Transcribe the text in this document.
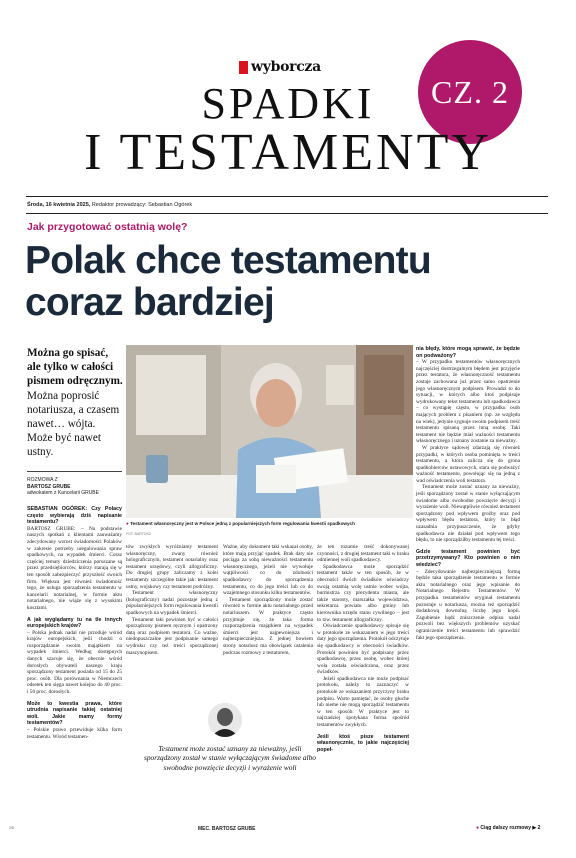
wyborcza
CZ. 2
SPADKI
I TESTAMENTY
Środa, 16 kwietnia 2025, Redaktor prowadzący: Sebastian Ogórek
Jak przygotować ostatnią wolę?
Polak chce testamentu
coraz bardziej
Można go spisać, ale tylko w całości pismem odręcznym. Można poprosić notariusza, a czasem nawet… wójta. Może być nawet ustny.
ROZMOWA Z
BARTOSZ GRUBE
adwokatem z Kancelarii GRUBE
FOT. BARTOSZ
● Testament własnoręczny jest w Polsce jedną z popularniejszych form regulowania kwestii spadkowych

SEBASTIAN OGÓREK: Czy Polacy często wybierają dziś napisanie testamentu?

BARTOSZ GRUBE: – Na podstawie naszych spotkań z klientami zauważamy zdecydowany wzrost świadomości Polaków w zakresie potrzeby uregulowania spraw spadkowych, na wypadek śmierci. Coraz częściej tematy dziedziczenia poruszane są przez przedsiębiorców, którzy starają się w ten sposób zabezpieczyć przyszłość swoich firm. Większa jest również świadomość tego, że usługa sporządzenia testamentu w kancelarii notarialnej, w formie aktu notarialnego, nie wiąże się z wysokimi kosztami.

A jak wyglądamy tu na tle innych europejskich krajów?

– Polska jednak nadal nie przoduje wśród krajów europejskich, jeśli chodzi o rozporządzanie swoim majątkiem na wypadek śmierci. Według dostępnych danych szacuje się, że obecnie wśród dorosłych obywateli naszego kraju sporządzony testament posiada od 15 do 25 proc. osób. Dla porównania w Niemczech odsetek ten sięga nawet kolejno do 40 proc. i 50 proc. dorosłych.

Może to kwestia prawa, które utrudnia napisanie takiej ostatniej woli. Jakie mamy formy testamentów?

– Polskie prawo przewiduje kilka form testamentu. Wśród testamen-

tów zwykłych wyróżniamy testament własnoręczny, zwany również holograficznym, testament notarialny oraz testament urzędowy, czyli allograficzny. Do drugiej grupy zaliczamy z kolei testamenty szczególne takie jak: testament ustny, wojskowy czy testament podróżny.

Testament własnoręczny (holograficzny) nadal pozostaje jedną z popularniejszych form regulowania kwestii spadkowych na wypadek śmierci.

Testament taki powinien być w całości sporządzony pismem ręcznym i opatrzony datą oraz podpisem testatora. Co ważne, niedopuszczalne jest podpisanie samego wydruku czy też treści sporządzonej maszynopisem.

Ważne, aby dokument taki wskazał osoby, które mają przyjąć spadek. Brak daty nie pociąga za sobą nieważności testamentu własnoręcznego, jeżeli nie wywołuje wątpliwości co do zdolności spadkodawcy do sporządzenia testamentu, co do jego treści lub co do wzajemnego stosunku kilku testamentów.

Testament sporządzony może zostać również w formie aktu notarialnego przed notariuszem. W praktyce często przyjmuje się, że taka forma rozporządzenia majątkiem na wypadek śmierci jest najpewniejsza i najbezpieczniejsza. Z jednej bowiem strony notariusz ma obowiązek ustalenia podczas rozmowy z testatorem,

że ten rozumie treść dokonywanej czynności, z drugiej testament taki w braku odmiennej woli spadkodawcy.

Spadkodawca może sporządzić testament także w ten sposób, że w obecności dwóch świadków oświadczy swoją ostatnią wolę ustnie wobec wójta, burmistrza czy prezydenta miasta, ale także starosty, marszałka województwa, sekretarza powiatu albo gminy lub kierownika urzędu stanu cywilnego – jest to tzw. testament allograficzny.

Oświadczenie spadkodawcy spisuje się w protokole ze wskazaniem w jego treści daty jego sporządzenia. Protokół odczytuje się spadkodawcy w obecności świadków. Protokół powinien być podpisany przez spadkodawcę, przez osobę, wobec której wola została oświadczona, oraz przez świadków.

Jeżeli spadkodawca nie może podpisać protokołu, należy to zaznaczyć w protokole ze wskazaniem przyczyny braku podpisu. Warto pamiętać, że osoby głuche lub nieme nie mogą sporządzić testamentu w ten sposób. W praktyce jest to najrzadziej spotykana forma spośród testamentów zwykłych.

Jeśli ktoś pisze testament własnoręcznie, to jakie najczęściej popeł-

nia błędy, które mogą sprawić, że będzie on podważony?

– W przypadku testamentów własnoręcznych najczęściej dostrzegalnym błędem jest przyjęcie przez testatora, że własnoręczność testamentu zostaje zachowana już przez samo opatrzenie jego własnoręcznym podpisem. Prowadzi to do sytuacji, w których albo ktoś podpisuje wydrukowany tekst testamentu lub spadkodawca – co wystąpię często, w przypadku osób mających problem z pisaniem (np. ze względu na wiek), jedynie sygnuje swoim podpisem treść testamentu spisaną przez inną osobę. Taki testament nie będzie miał ważności testamentu własnoręcznego i uznany zostanie za nieważny.

W praktyce sądowej zdarzają się również przypadki, w których osoba pominięta w treści testamentu, a która zalicza się do grona spadkobierców ustawowych, stara się podważyć ważność testamentu, powołując się na jedną z wad oświadczenia woli testatora.

Testament może zostać uznany za nieważny, jeśli sporządzony został w stanie wyłączającym świadome albo swobodne powzięcie decyzji i wyrażenie woli. Niewątpliwie również testament sporządzony pod wpływem groźby oraz pod wpływem błędu testatora, który to błąd uzasadnia przypuszczenie, że gdyby spadkodawca nie działał pod wpływem tego błędu, to nie sporządziłby testamentu tej treści.

Gdzie testament powinien być przetrzymywany? Kto powinien o nim wiedzieć?

– Zdecydowanie najbezpieczniejszą formą będzie taka sporządzenie testamentu w formie aktu notarialnego oraz jego wpisanie do Notarialnego Rejestru Testamentów. W przypadku testamentów oryginał testamentu pozostaje u notariusza, można też sporządzić dodatkową downolną liczbę jego kopii. Zagubienie bądź zniszczenie odpisu nadal pozwoli bez większych problemów uzyskać ograniczenie treści testamentu lub sprawdzić fakt jego sporządzenia.

Testament może zostać uznany za nieważny, jeśli sporządzony został w stanie wyłączającym świadome albo swobodne powzięcie decyzji i wyrażenie woli
MEC. BARTOSZ GRUBE	● Ciąg dalszy rozmowy ▶ 2
2/8
